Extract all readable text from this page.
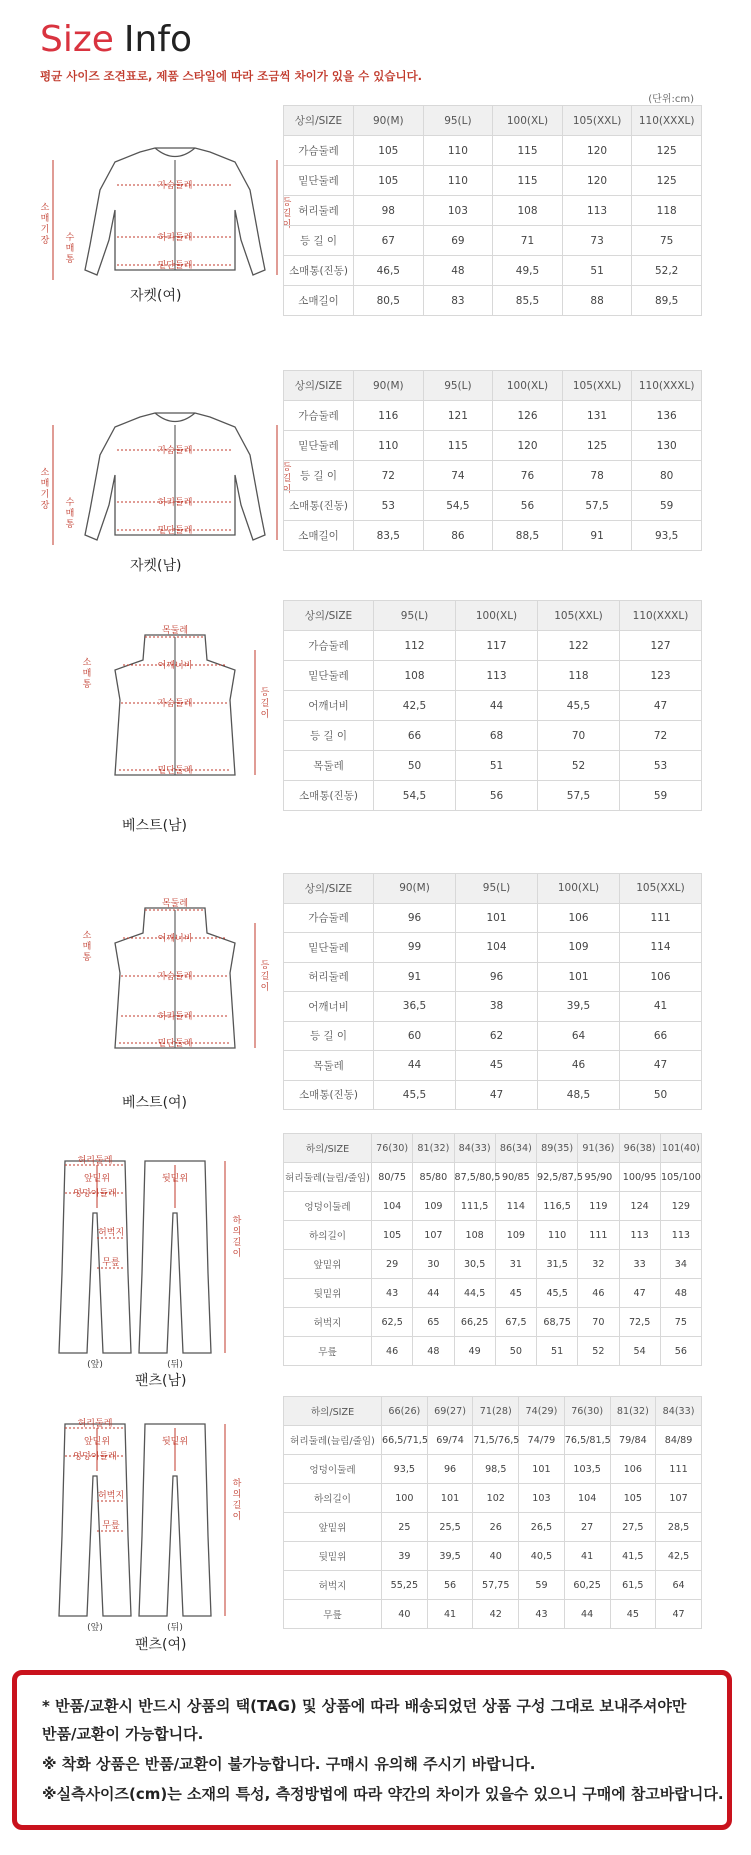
Size Info
평균 사이즈 조견표로, 제품 스타일에 따라 조금씩 차이가 있을 수 있습니다.
(단위:cm)
가슴둘레
허리둘레
밑단둘레
소
매
기
장
등
길
이
수
매
통
자켓(여)
상의/SIZE	90(M)	95(L)	100(XL)	105(XXL)	110(XXXL)
가슴둘레	105	110	115	120	125
밑단둘레	105	110	115	120	125
허리둘레	98	103	108	113	118
등 길 이	67	69	71	73	75
소매통(진동)	46,5	48	49,5	51	52,2
소매길이	80,5	83	85,5	88	89,5
가슴둘레
허리둘레
밑단둘레
소
매
기
장
등
길
이
수
매
통
자켓(남)
상의/SIZE	90(M)	95(L)	100(XL)	105(XXL)	110(XXXL)
가슴둘레	116	121	126	131	136
밑단둘레	110	115	120	125	130
등 길 이	72	74	76	78	80
소매통(진동)	53	54,5	56	57,5	59
소매길이	83,5	86	88,5	91	93,5
목둘레
어깨너비
가슴둘레
밑단둘레
소
매
통
등
길
이
베스트(남)
상의/SIZE	95(L)	100(XL)	105(XXL)	110(XXXL)
가슴둘레	112	117	122	127
밑단둘레	108	113	118	123
어깨너비	42,5	44	45,5	47
등 길 이	66	68	70	72
목둘레	50	51	52	53
소매통(진동)	54,5	56	57,5	59
목둘레
어깨너비
가슴둘레
허리둘레
밑단둘레
소
매
통
등
길
이
베스트(여)
상의/SIZE	90(M)	95(L)	100(XL)	105(XXL)
가슴둘레	96	101	106	111
밑단둘레	99	104	109	114
허리둘레	91	96	101	106
어깨너비	36,5	38	39,5	41
등 길 이	60	62	64	66
목둘레	44	45	46	47
소매통(진동)	45,5	47	48,5	50
허리둘레
앞밑위
엉덩이둘레
허벅지
무릎
뒷밑위
하
의
길
이
(앞)	(뒤)
팬츠(남)
하의/SIZE	76(30)	81(32)	84(33)	86(34)	89(35)	91(36)	96(38)	101(40)
허리둘레(늘림/줄임)	80/75	85/80	87,5/80,5	90/85	92,5/87,5	95/90	100/95	105/100
엉덩이둘레	104	109	111,5	114	116,5	119	124	129
하의길이	105	107	108	109	110	111	113	113
앞밑위	29	30	30,5	31	31,5	32	33	34
뒷밑위	43	44	44,5	45	45,5	46	47	48
허벅지	62,5	65	66,25	67,5	68,75	70	72,5	75
무릎	46	48	49	50	51	52	54	56
허리둘레
앞밑위
엉덩이둘레
허벅지
무릎
뒷밑위
하
의
길
이
(앞)	(뒤)
팬츠(여)
하의/SIZE	66(26)	69(27)	71(28)	74(29)	76(30)	81(32)	84(33)
허리둘레(늘림/줄임)	66,5/71,5	69/74	71,5/76,5	74/79	76,5/81,5	79/84	84/89
엉덩이둘레	93,5	96	98,5	101	103,5	106	111
하의길이	100	101	102	103	104	105	107
앞밑위	25	25,5	26	26,5	27	27,5	28,5
뒷밑위	39	39,5	40	40,5	41	41,5	42,5
허벅지	55,25	56	57,75	59	60,25	61,5	64
무릎	40	41	42	43	44	45	47
* 반품/교환시 반드시 상품의 택(TAG) 및 상품에 따라 배송되었던 상품 구성 그대로 보내주셔야만
반품/교환이 가능합니다.
※ 착화 상품은 반품/교환이 불가능합니다. 구매시 유의해 주시기 바랍니다.
※실측사이즈(cm)는 소재의 특성, 측정방법에 따라 약간의 차이가 있을수 있으니 구매에 참고바랍니다.
